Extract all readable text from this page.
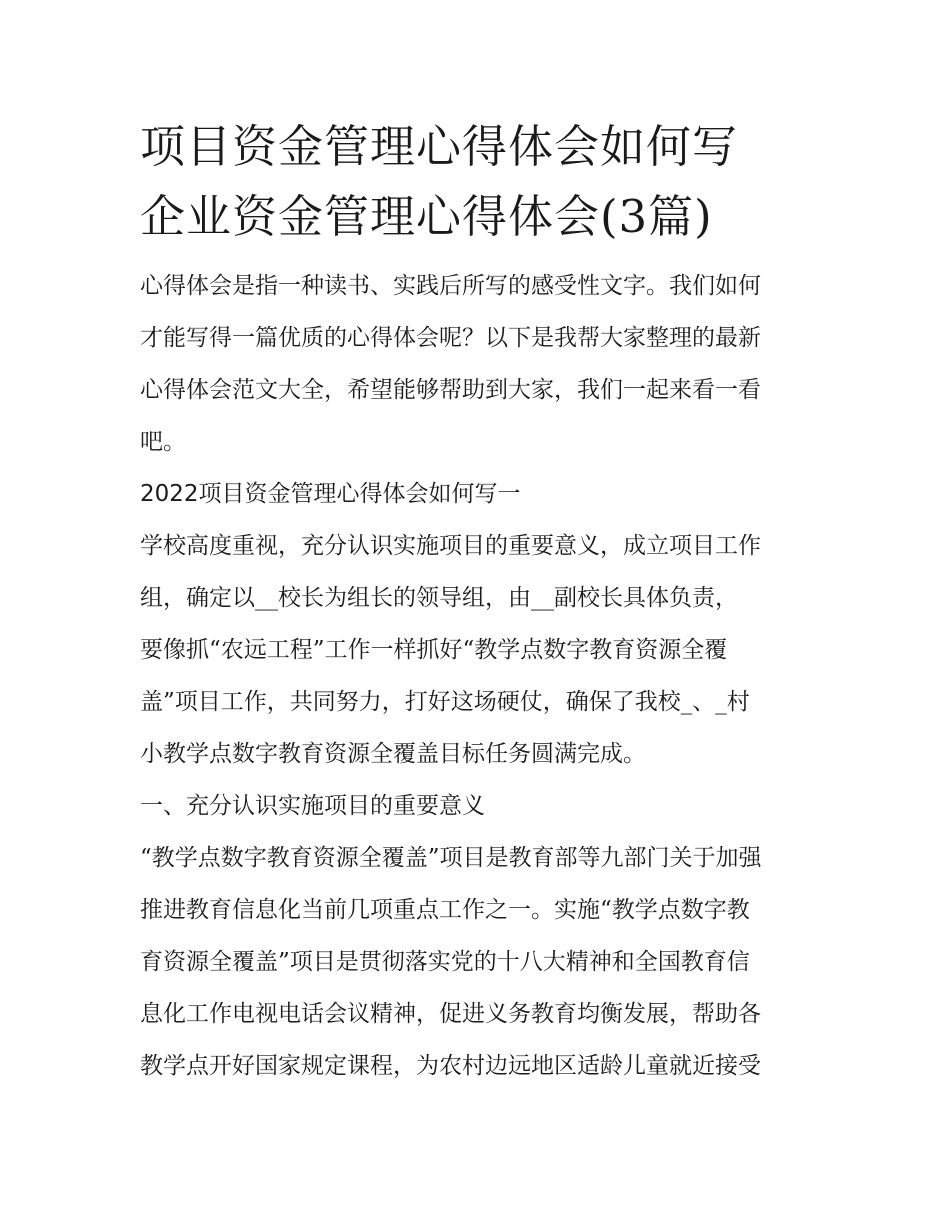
项目资金管理心得体会如何写
企业资金管理心得体会(3篇)

心得体会是指一种读书、实践后所写的感受性文字。我们如何
才能写得一篇优质的心得体会呢？以下是我帮大家整理的最新
心得体会范文大全，希望能够帮助到大家，我们一起来看一看
吧。

2022项目资金管理心得体会如何写一

学校高度重视，充分认识实施项目的重要意义，成立项目工作
组，确定以__校长为组长的领导组，由__副校长具体负责，
要像抓“农远工程”工作一样抓好“教学点数字教育资源全覆
盖”项目工作，共同努力，打好这场硬仗，确保了我校_、_村
小教学点数字教育资源全覆盖目标任务圆满完成。

一、充分认识实施项目的重要意义

“教学点数字教育资源全覆盖”项目是教育部等九部门关于加强
推进教育信息化当前几项重点工作之一。实施“教学点数字教
育资源全覆盖”项目是贯彻落实党的十八大精神和全国教育信
息化工作电视电话会议精神，促进义务教育均衡发展，帮助各
教学点开好国家规定课程，为农村边远地区适龄儿童就近接受
